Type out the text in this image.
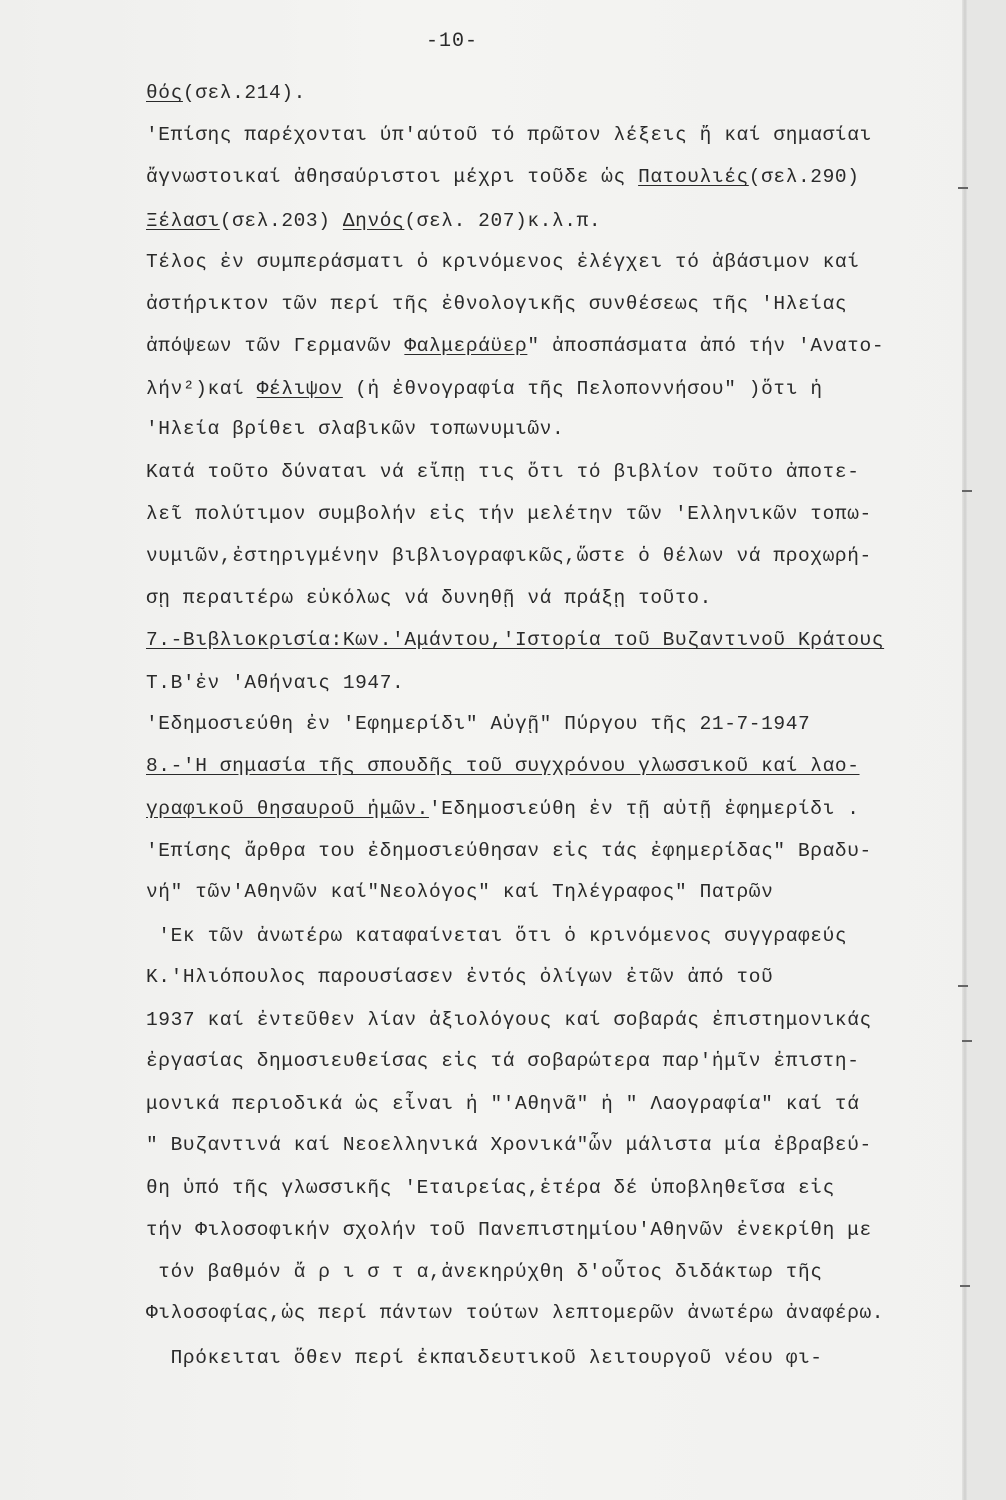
-10-
θός(σελ.214).
'Επίσης παρέχονται ύπ'αύτοῦ τό πρῶτον λέξεις ἤ καί σημασίαι
ἄγνωστοικαί ἀθησαύριστοι μέχρι τοῦδε ὡς Πατουλιές(σελ.290)
Ξέλασι(σελ.203) Δηνός(σελ. 207)κ.λ.π.
Τέλος ἐν συμπεράσματι ὁ κρινόμενος ἐλέγχει τό ἀβάσιμον καί
ἀστήρικτον τῶν περί τῆς ἐθνολογικῆς συνθέσεως τῆς 'Ηλείας
ἀπόψεων τῶν Γερμανῶν Φαλμεράϋερ" ἀποσπάσματα ἀπό τήν 'Ανατο-
λήν²)καί Φέλιψον (ἡ ἐθνογραφία τῆς Πελοποννήσου" )ὅτι ἡ
'Ηλεία βρίθει σλαβικῶν τοπωνυμιῶν.
Κατά τοῦτο δύναται νά εἴπῃ τις ὅτι τό βιβλίον τοῦτο ἀποτε-
λεῖ πολύτιμον συμβολήν εἰς τήν μελέτην τῶν 'Ελληνικῶν τοπω-
νυμιῶν,ἐστηριγμένην βιβλιογραφικῶς,ὥστε ὁ θέλων νά προχωρή-
σῃ περαιτέρω εὐκόλως νά δυνηθῇ νά πράξῃ τοῦτο.
7.-Βιβλιοκρισία:Κων.'Αμάντου,'Ιστορία τοῦ Βυζαντινοῦ Κράτους
Τ.Β'ἐν 'Αθήναις 1947.
'Εδημοσιεύθη ἐν 'Εφημερίδι" Αὐγῇ" Πύργου τῆς 21-7-1947
8.-'Η σημασία τῆς σπουδῆς τοῦ συγχρόνου γλωσσικοῦ καί λαο-
γραφικοῦ θησαυροῦ ἡμῶν.'Εδημοσιεύθη ἐν τῇ αὐτῇ ἐφημερίδι .
'Επίσης ἄρθρα του ἐδημοσιεύθησαν εἰς τάς ἐφημερίδας" Βραδυ-
νή" τῶν'Αθηνῶν καί"Νεολόγος" καί Τηλέγραφος" Πατρῶν
'Εκ τῶν ἀνωτέρω καταφαίνεται ὅτι ὁ κρινόμενος συγγραφεύς
Κ.'Ηλιόπουλος παρουσίασεν ἐντός ὀλίγων ἐτῶν ἀπό τοῦ
1937 καί ἐντεῦθεν λίαν ἀξιολόγους καί σοβαράς ἐπιστημονικάς
ἐργασίας δημοσιευθείσας εἰς τά σοβαρώτερα παρ'ἡμῖν ἐπιστη-
μονικά περιοδικά ὡς εἶναι ἡ "'Αθηνᾶ" ἡ " Λαογραφία" καί τά
" Βυζαντινά καί Νεοελληνικά Χρονικά"ὧν μάλιστα μία ἐβραβεύ-
θη ὑπό τῆς γλωσσικῆς 'Εταιρείας,ἑτέρα δέ ὑποβληθεῖσα εἰς
τήν Φιλοσοφικήν σχολήν τοῦ Πανεπιστημίου'Αθηνῶν ἐνεκρίθη με
τόν βαθμόν ἄ ρ ι σ τ α,ἀνεκηρύχθη δ'οὗτος διδάκτωρ τῆς
Φιλοσοφίας,ὡς περί πάντων τούτων λεπτομερῶν ἀνωτέρω ἀναφέρω.
Πρόκειται ὅθεν περί ἐκπαιδευτικοῦ λειτουργοῦ νέου φι-
